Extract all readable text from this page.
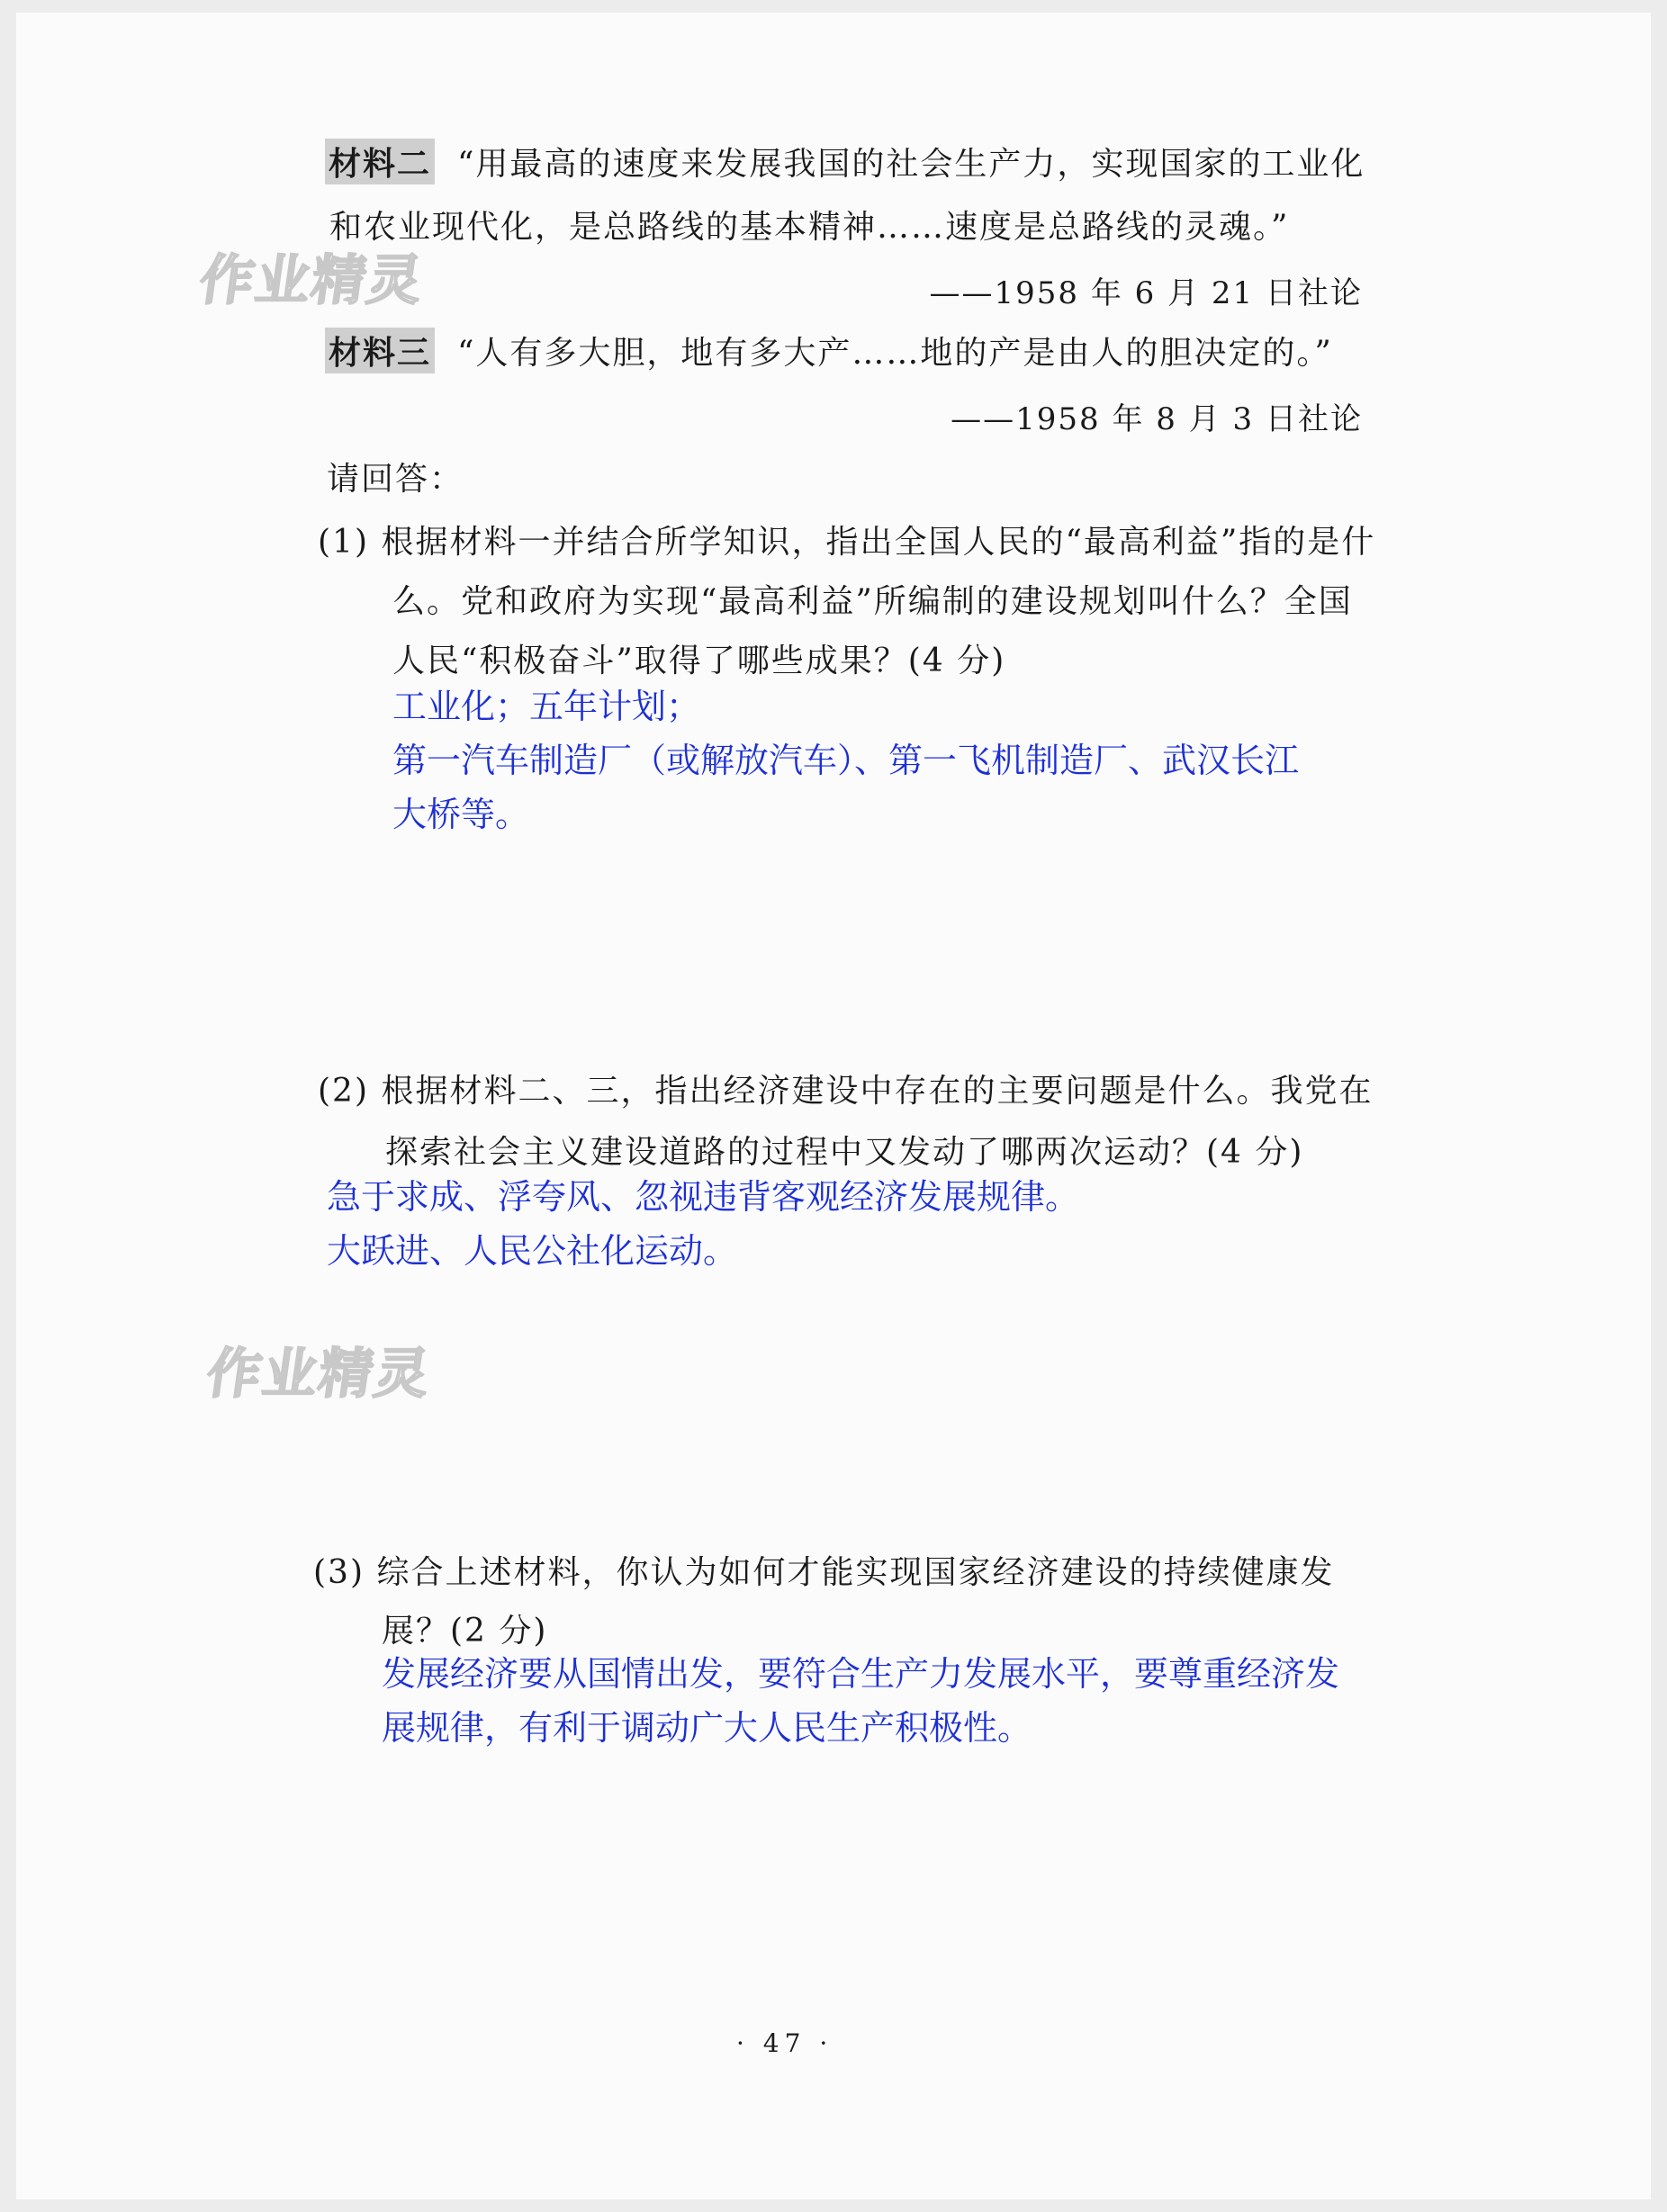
作业精灵
作业精灵
材料二 “用最高的速度来发展我国的社会生产力，实现国家的工业化
和农业现代化，是总路线的基本精神……速度是总路线的灵魂。”
——1958 年 6 月 21 日社论
材料三 “人有多大胆，地有多大产……地的产是由人的胆决定的。”
——1958 年 8 月 3 日社论
请回答：
(1) 根据材料一并结合所学知识，指出全国人民的“最高利益”指的是什
么。党和政府为实现“最高利益”所编制的建设规划叫什么？全国
人民“积极奋斗”取得了哪些成果？(4 分)
工业化；五年计划；
第一汽车制造厂（或解放汽车）、第一飞机制造厂、武汉长江
大桥等。
(2) 根据材料二、三，指出经济建设中存在的主要问题是什么。我党在
探索社会主义建设道路的过程中又发动了哪两次运动？(4 分)
急于求成、浮夸风、忽视违背客观经济发展规律。
大跃进、人民公社化运动。
(3) 综合上述材料，你认为如何才能实现国家经济建设的持续健康发
展？(2 分)
发展经济要从国情出发，要符合生产力发展水平，要尊重经济发
展规律，有利于调动广大人民生产积极性。
· 47 ·
